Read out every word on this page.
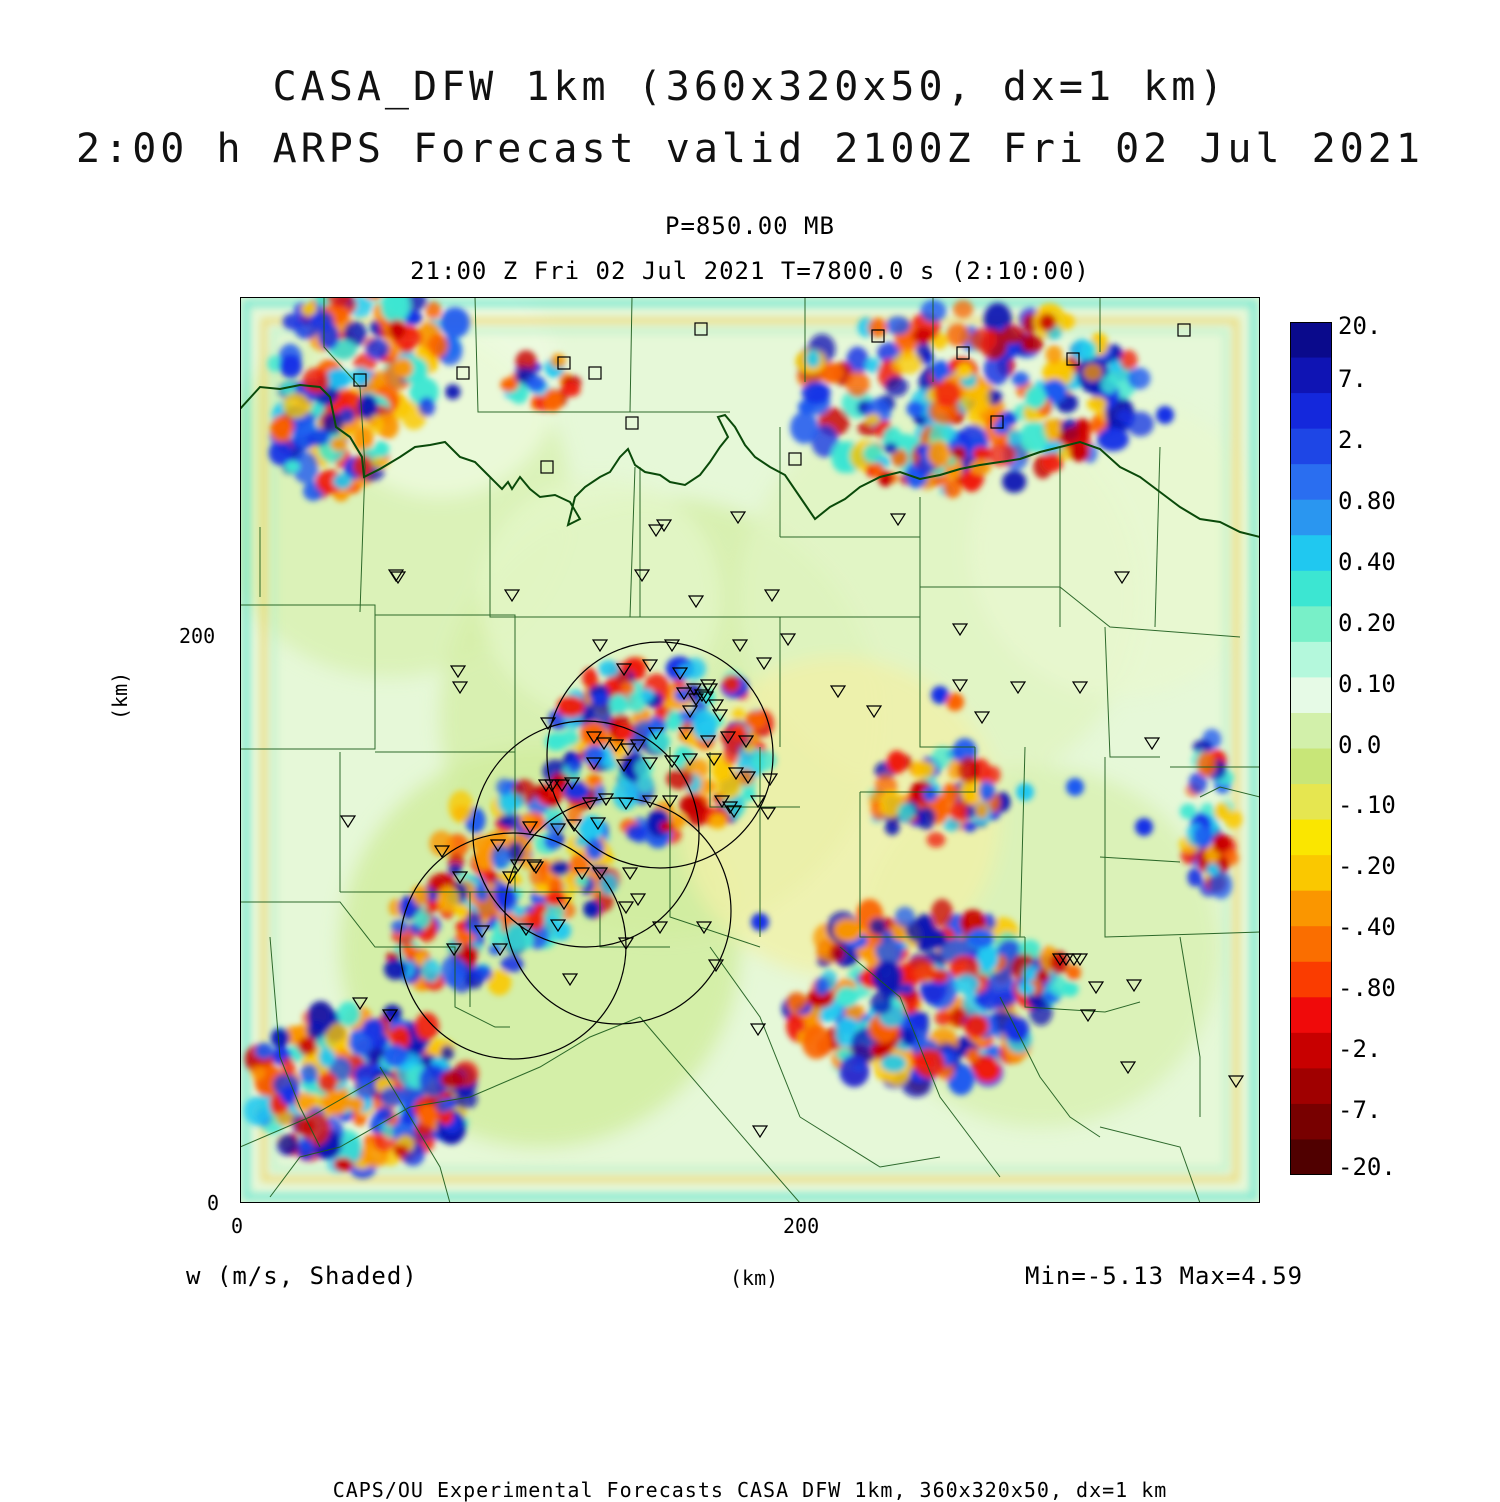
CASA_DFW 1km (360x320x50, dx=1 km)
2:00 h ARPS Forecast valid 2100Z Fri 02 Jul 2021
P=850.00 MB
21:00 Z Fri 02 Jul 2021 T=7800.0 s (2:10:00)
(km)
200
0
0	200
20.
7.
2.
0.80
0.40
0.20
0.10
0.0
-.10
-.20
-.40
-.80
-2.
-7.
-20.
w (m/s, Shaded)	(km)	Min=-5.13 Max=4.59
CAPS/OU Experimental Forecasts CASA DFW 1km, 360x320x50, dx=1 km
